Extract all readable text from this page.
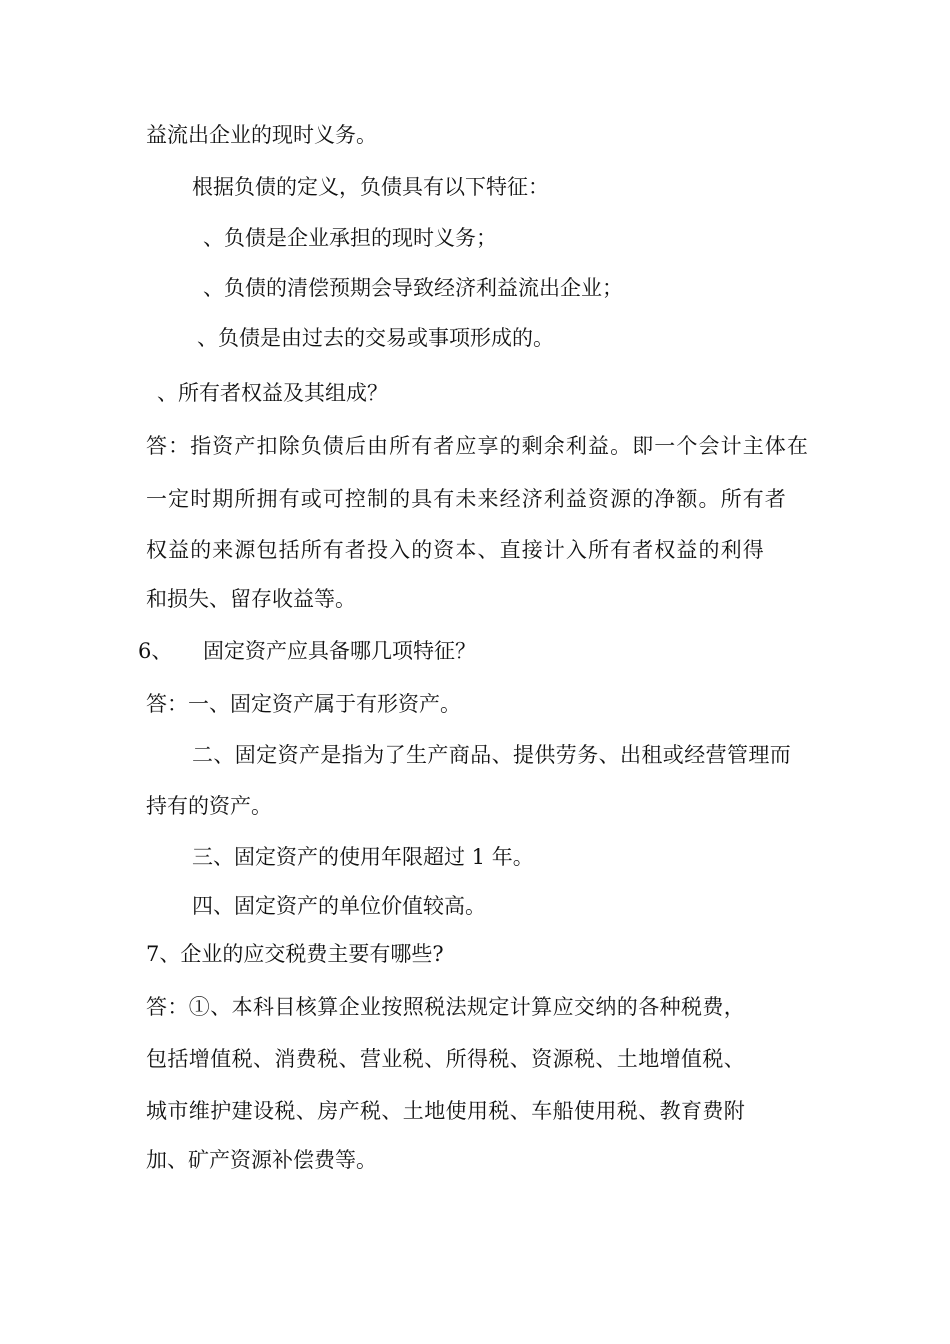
益流出企业的现时义务。
根据负债的定义，负债具有以下特征：
、负债是企业承担的现时义务；
、负债的清偿预期会导致经济利益流出企业；
、负债是由过去的交易或事项形成的。
、所有者权益及其组成？
答：指资产扣除负债后由所有者应享的剩余利益。即一个会计主体在
一定时期所拥有或可控制的具有未来经济利益资源的净额。所有者
权益的来源包括所有者投入的资本、直接计入所有者权益的利得
和损失、留存收益等。
6、 固定资产应具备哪几项特征？
答：一、固定资产属于有形资产。
二、固定资产是指为了生产商品、提供劳务、出租或经营管理而
持有的资产。
三、固定资产的使用年限超过 1 年。
四、固定资产的单位价值较高。
7、企业的应交税费主要有哪些?
答：①、本科目核算企业按照税法规定计算应交纳的各种税费，
包括增值税、消费税、营业税、所得税、资源税、土地增值税、
城市维护建设税、房产税、土地使用税、车船使用税、教育费附
加、矿产资源补偿费等。
